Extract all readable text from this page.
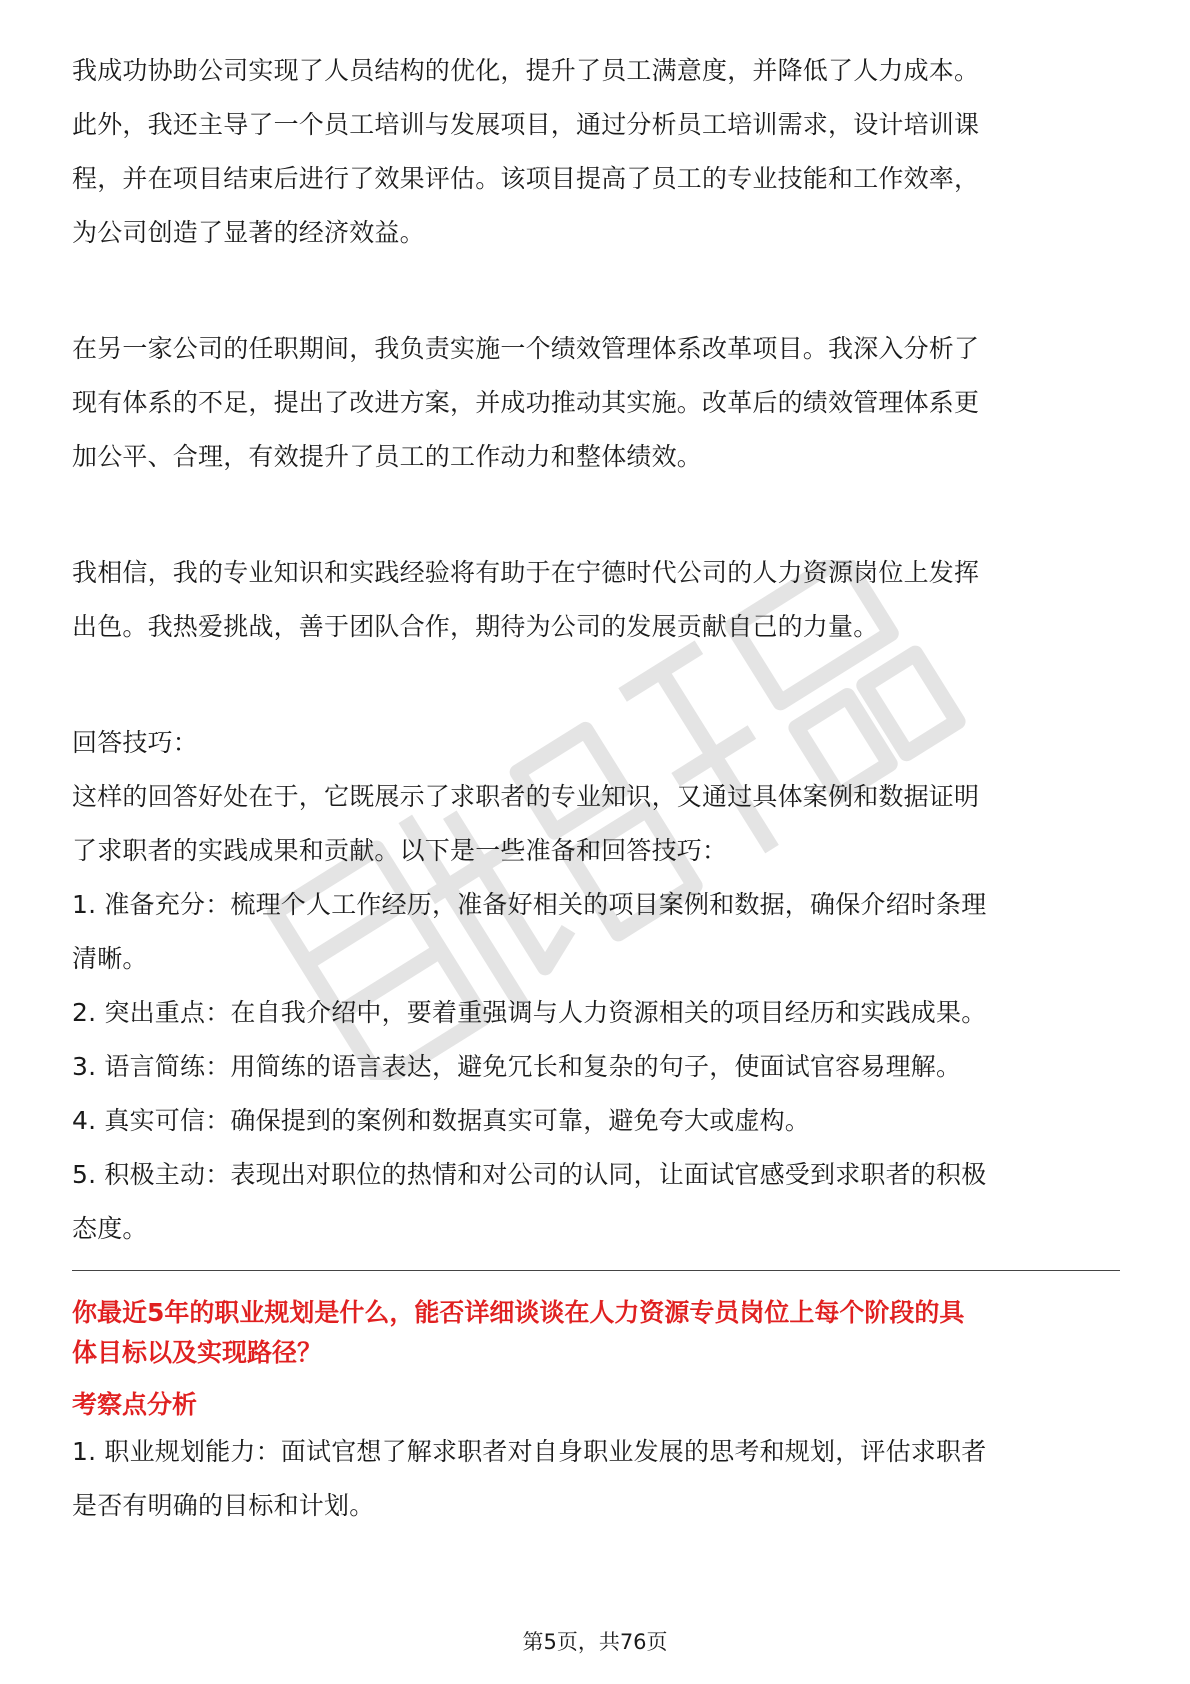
我成功协助公司实现了人员结构的优化，提升了员工满意度，并降低了人力成本。
此外，我还主导了一个员工培训与发展项目，通过分析员工培训需求，设计培训课
程，并在项目结束后进行了效果评估。该项目提高了员工的专业技能和工作效率，
为公司创造了显著的经济效益。
在另一家公司的任职期间，我负责实施一个绩效管理体系改革项目。我深入分析了
现有体系的不足，提出了改进方案，并成功推动其实施。改革后的绩效管理体系更
加公平、合理，有效提升了员工的工作动力和整体绩效。
我相信，我的专业知识和实践经验将有助于在宁德时代公司的人力资源岗位上发挥
出色。我热爱挑战，善于团队合作，期待为公司的发展贡献自己的力量。
回答技巧：
这样的回答好处在于，它既展示了求职者的专业知识，又通过具体案例和数据证明
了求职者的实践成果和贡献。以下是一些准备和回答技巧：
1. 准备充分：梳理个人工作经历，准备好相关的项目案例和数据，确保介绍时条理
清晰。
2. 突出重点：在自我介绍中，要着重强调与人力资源相关的项目经历和实践成果。
3. 语言简练：用简练的语言表达，避免冗长和复杂的句子，使面试官容易理解。
4. 真实可信：确保提到的案例和数据真实可靠，避免夸大或虚构。
5. 积极主动：表现出对职位的热情和对公司的认同，让面试官感受到求职者的积极
态度。
你最近5年的职业规划是什么，能否详细谈谈在人力资源专员岗位上每个阶段的具
体目标以及实现路径？
考察点分析
1. 职业规划能力：面试官想了解求职者对自身职业发展的思考和规划，评估求职者
是否有明确的目标和计划。
第5页，共76页
